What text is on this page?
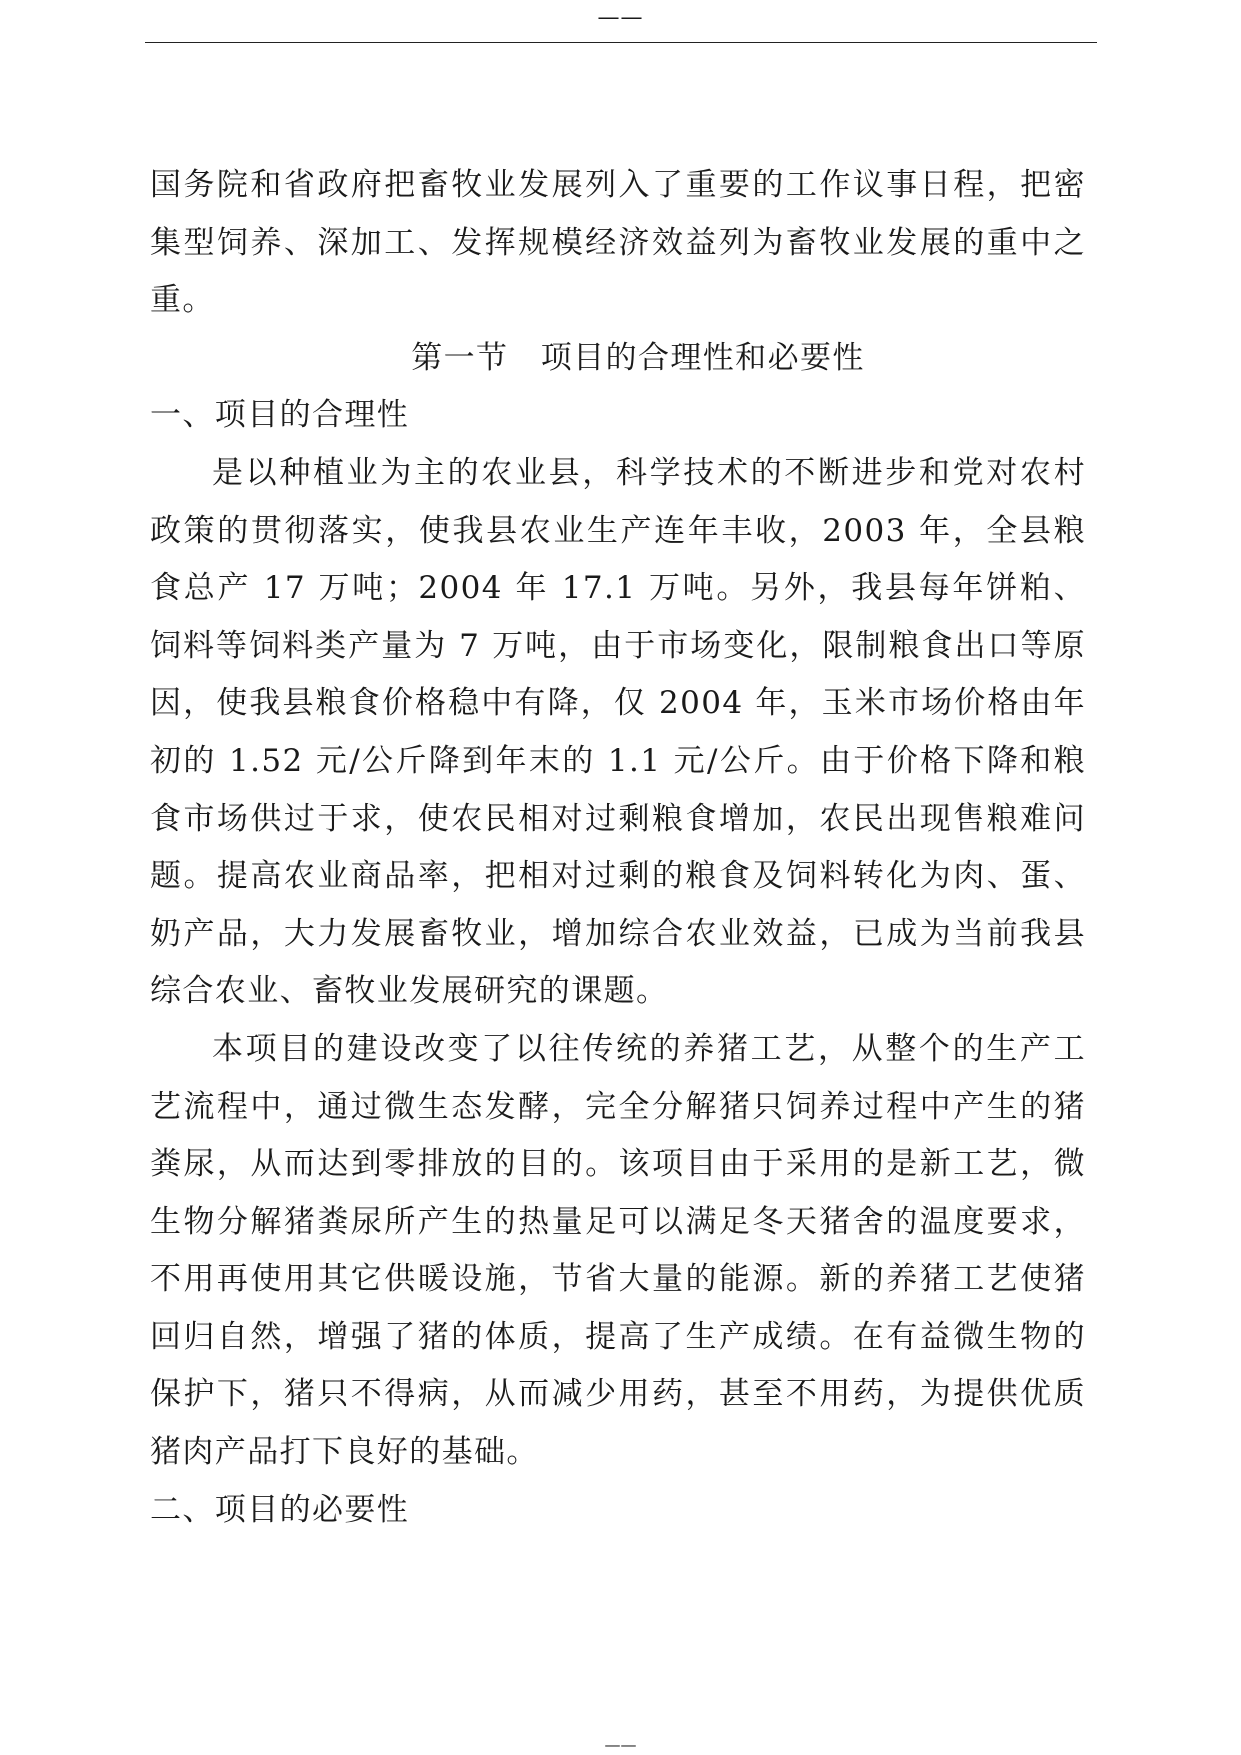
——

国务院和省政府把畜牧业发展列入了重要的工作议事日程，把密集型饲养、深加工、发挥规模经济效益列为畜牧业发展的重中之重。

第一节　项目的合理性和必要性

一、项目的合理性

是以种植业为主的农业县，科学技术的不断进步和党对农村政策的贯彻落实，使我县农业生产连年丰收，2003 年，全县粮食总产 17 万吨；2004 年 17.1 万吨。另外，我县每年饼粕、饲料等饲料类产量为 7 万吨，由于市场变化，限制粮食出口等原因，使我县粮食价格稳中有降，仅 2004 年，玉米市场价格由年初的 1.52 元/公斤降到年末的 1.1 元/公斤。由于价格下降和粮食市场供过于求，使农民相对过剩粮食增加，农民出现售粮难问题。提高农业商品率，把相对过剩的粮食及饲料转化为肉、蛋、奶产品，大力发展畜牧业，增加综合农业效益，已成为当前我县综合农业、畜牧业发展研究的课题。

本项目的建设改变了以往传统的养猪工艺，从整个的生产工艺流程中，通过微生态发酵，完全分解猪只饲养过程中产生的猪粪尿，从而达到零排放的目的。该项目由于采用的是新工艺，微生物分解猪粪尿所产生的热量足可以满足冬天猪舍的温度要求，不用再使用其它供暖设施，节省大量的能源。新的养猪工艺使猪回归自然，增强了猪的体质，提高了生产成绩。在有益微生物的保护下，猪只不得病，从而减少用药，甚至不用药，为提供优质猪肉产品打下良好的基础。

二、项目的必要性

——
